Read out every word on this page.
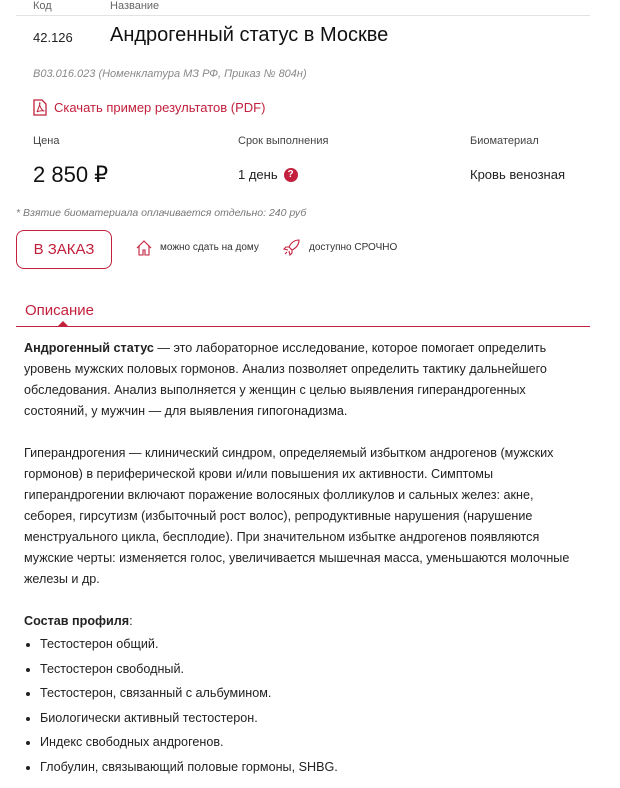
Код	Название
42.126 Андрогенный статус в Москве
B03.016.023 (Номенклатура МЗ РФ, Приказ № 804н)
Скачать пример результатов (PDF)
Цена	Срок выполнения	Биоматериал
2 850 ₽	1 день ?	Кровь венозная
* Взятие биоматериала оплачивается отдельно: 240 руб
В ЗАКАЗ	можно сдать на дому	доступно СРОЧНО
Описание

Андрогенный статус — это лабораторное исследование, которое помогает определить уровень мужских половых гормонов. Анализ позволяет определить тактику дальнейшего обследования. Анализ выполняется у женщин с целью выявления гиперандрогенных состояний, у мужчин — для выявления гипогонадизма.

Гиперандрогения — клинический синдром, определяемый избытком андрогенов (мужских гормонов) в периферической крови и/или повышения их активности. Симптомы гиперандрогении включают поражение волосяных фолликулов и сальных желез: акне, себорея, гирсутизм (избыточный рост волос), репродуктивные нарушения (нарушение менструального цикла, бесплодие). При значительном избытке андрогенов появляются мужские черты: изменяется голос, увеличивается мышечная масса, уменьшаются молочные железы и др.

Состав профиля:
• Тестостерон общий.
• Тестостерон свободный.
• Тестостерон, связанный с альбумином.
• Биологически активный тестостерон.
• Индекс свободных андрогенов.
• Глобулин, связывающий половые гормоны, SHBG.
